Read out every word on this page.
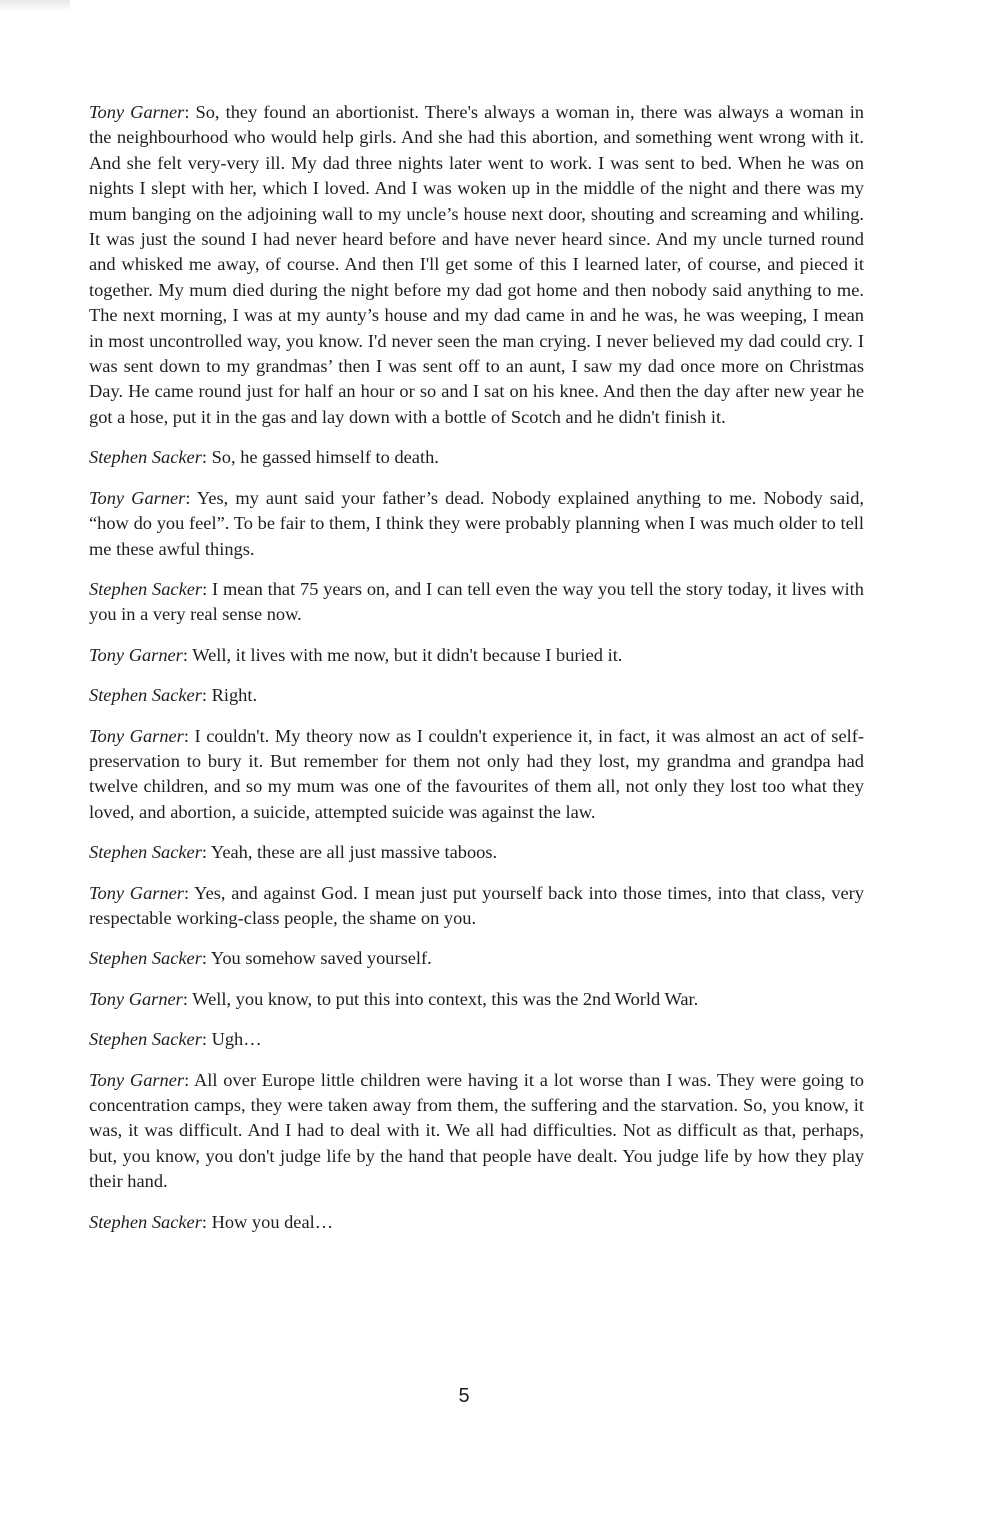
Tony Garner: So, they found an abortionist. There's always a woman in, there was always a woman in the neighbourhood who would help girls. And she had this abortion, and something went wrong with it. And she felt very-very ill. My dad three nights later went to work. I was sent to bed. When he was on nights I slept with her, which I loved. And I was woken up in the middle of the night and there was my mum banging on the adjoining wall to my uncle’s house next door, shouting and screaming and whiling. It was just the sound I had never heard before and have never heard since. And my uncle turned round and whisked me away, of course. And then I'll get some of this I learned later, of course, and pieced it together. My mum died during the night before my dad got home and then nobody said anything to me. The next morning, I was at my aunty’s house and my dad came in and he was, he was weeping, I mean in most uncontrolled way, you know. I'd never seen the man crying. I never believed my dad could cry. I was sent down to my grandmas’ then I was sent off to an aunt, I saw my dad once more on Christmas Day. He came round just for half an hour or so and I sat on his knee. And then the day after new year he got a hose, put it in the gas and lay down with a bottle of Scotch and he didn't finish it.

Stephen Sacker: So, he gassed himself to death.

Tony Garner: Yes, my aunt said your father’s dead. Nobody explained anything to me. Nobody said, “how do you feel”. To be fair to them, I think they were probably planning when I was much older to tell me these awful things.

Stephen Sacker: I mean that 75 years on, and I can tell even the way you tell the story today, it lives with you in a very real sense now.

Tony Garner: Well, it lives with me now, but it didn't because I buried it.

Stephen Sacker: Right.

Tony Garner: I couldn't. My theory now as I couldn't experience it, in fact, it was almost an act of self-preservation to bury it. But remember for them not only had they lost, my grandma and grandpa had twelve children, and so my mum was one of the favourites of them all, not only they lost too what they loved, and abortion, a suicide, attempted suicide was against the law.

Stephen Sacker: Yeah, these are all just massive taboos.

Tony Garner: Yes, and against God. I mean just put yourself back into those times, into that class, very respectable working-class people, the shame on you.

Stephen Sacker: You somehow saved yourself.

Tony Garner: Well, you know, to put this into context, this was the 2nd World War.

Stephen Sacker: Ugh…

Tony Garner: All over Europe little children were having it a lot worse than I was. They were going to concentration camps, they were taken away from them, the suffering and the starvation. So, you know, it was, it was difficult. And I had to deal with it. We all had difficulties. Not as difficult as that, perhaps, but, you know, you don't judge life by the hand that people have dealt. You judge life by how they play their hand.

Stephen Sacker: How you deal…

5
